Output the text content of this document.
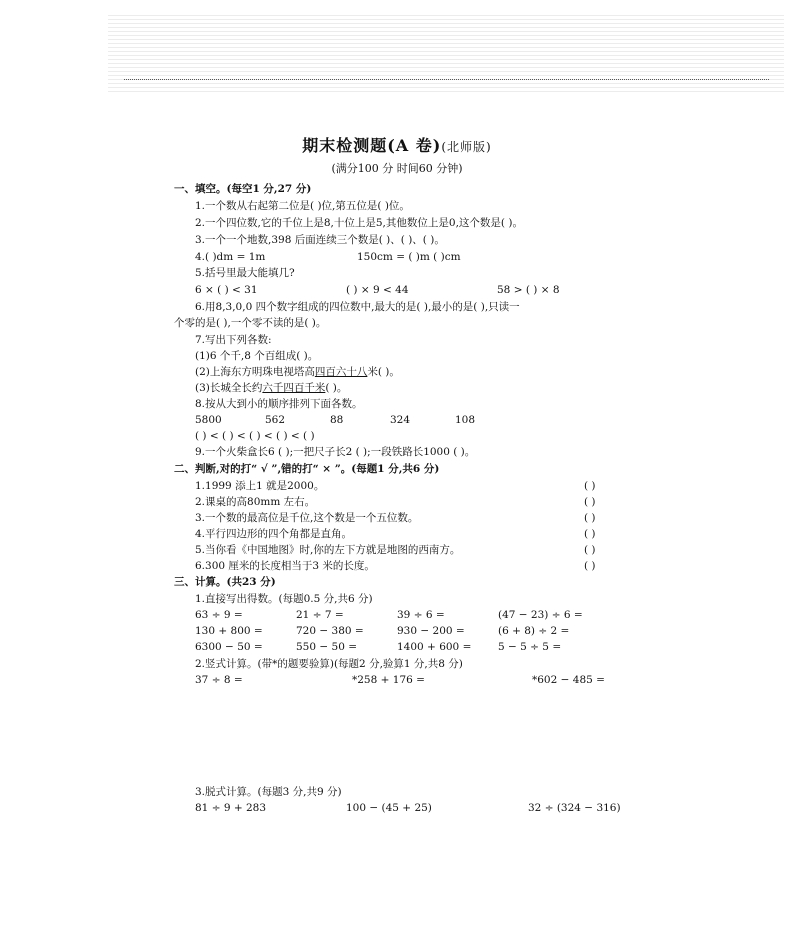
期末检测题(A 卷)(北师版)
(满分100 分 时间60 分钟)
一、填空。(每空1 分,27 分)
1.一个数从右起第二位是( )位,第五位是( )位。
2.一个四位数,它的千位上是8,十位上是5,其他数位上是0,这个数是( )。
3.一个一个地数,398 后面连续三个数是( )、( )、( )。
4.( )dm = 1m	150cm = ( )m ( )cm
5.括号里最大能填几?
6 × ( ) < 31	( ) × 9 < 44	58 > ( ) × 8
6.用8,3,0,0 四个数字组成的四位数中,最大的是( ),最小的是( ),只读一
个零的是( ),一个零不读的是( )。
7.写出下列各数:
(1)6 个千,8 个百组成( )。
(2)上海东方明珠电视塔高四百六十八米( )。
(3)长城全长约六千四百千米( )。
8.按从大到小的顺序排列下面各数。
5800	562	88	324	108
( ) < ( ) < ( ) < ( ) < ( )
9.一个火柴盒长6 ( );一把尺子长2 ( );一段铁路长1000 ( )。
二、判断,对的打“ √ ”,错的打“ × ”。(每题1 分,共6 分)
1.1999 添上1 就是2000。	( )
2.课桌的高80mm 左右。	( )
3.一个数的最高位是千位,这个数是一个五位数。	( )
4.平行四边形的四个角都是直角。	( )
5.当你看《中国地图》时,你的左下方就是地图的西南方。	( )
6.300 厘米的长度相当于3 米的长度。	( )
三、计算。(共23 分)
1.直接写出得数。(每题0.5 分,共6 分)
63 ÷ 9 =	21 ÷ 7 =	39 ÷ 6 =	(47 − 23) ÷ 6 =
130 + 800 =	720 − 380 =	930 − 200 =	(6 + 8) ÷ 2 =
6300 − 50 =	550 − 50 =	1400 + 600 =	5 − 5 ÷ 5 =
2.竖式计算。(带*的题要验算)(每题2 分,验算1 分,共8 分)
37 ÷ 8 =	*258 + 176 =	*602 − 485 =
3.脱式计算。(每题3 分,共9 分)
81 ÷ 9 + 283	100 − (45 + 25)	32 ÷ (324 − 316)
